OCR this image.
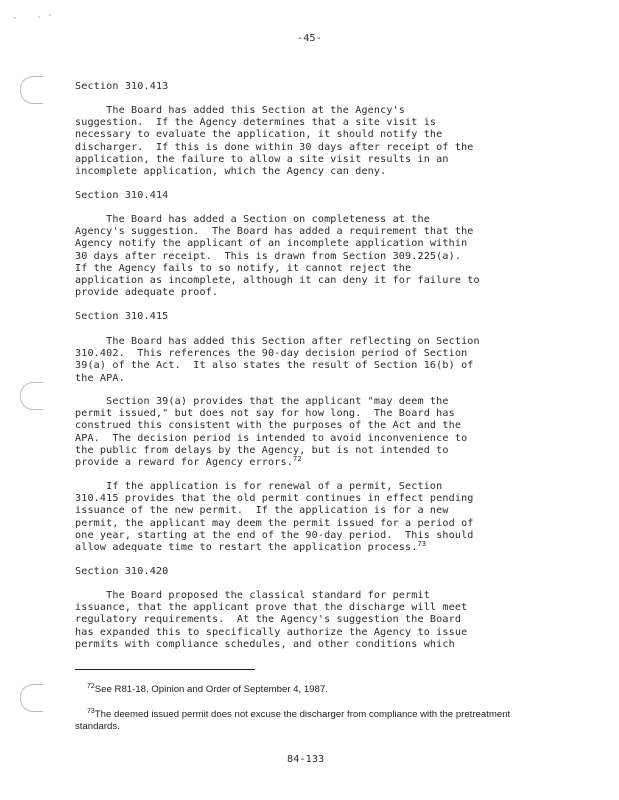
-45-
Section 310.413
The Board has added this Section at the Agency's
suggestion.  If the Agency determines that a site visit is
necessary to evaluate the application, it should notify the
discharger.  If this is done within 30 days after receipt of the
application, the failure to allow a site visit results in an
incomplete application, which the Agency can deny.
Section 310.414
The Board has added a Section on completeness at the
Agency's suggestion.  The Board has added a requirement that the
Agency notify the applicant of an incomplete application within
30 days after receipt.  This is drawn from Section 309.225(a).
If the Agency fails to so notify, it cannot reject the
application as incomplete, although it can deny it for failure to
provide adequate proof.
Section 310.415
The Board has added this Section after reflecting on Section
310.402.  This references the 90-day decision period of Section
39(a) of the Act.  It also states the result of Section 16(b) of
the APA.
Section 39(a) provides that the applicant "may deem the
permit issued," but does not say for how long.  The Board has
construed this consistent with the purposes of the Act and the
APA.  The decision period is intended to avoid inconvenience to
the public from delays by the Agency, but is not intended to
provide a reward for Agency errors.$^{72}$
If the application is for renewal of a permit, Section
310.415 provides that the old permit continues in effect pending
issuance of the new permit.  If the application is for a new
permit, the applicant may deem the permit issued for a period of
one year, starting at the end of the 90-day period.  This should
allow adequate time to restart the application process.$^{73}$
Section 310.420
The Board proposed the classical standard for permit
issuance, that the applicant prove that the discharge will meet
regulatory requirements.  At the Agency's suggestion the Board
has expanded this to specifically authorize the Agency to issue
permits with compliance schedules, and other conditions which
$^{72}$See R81-18, Opinion and Order of September 4, 1987.
$^{73}$The deemed issued permit does not excuse the discharger from compliance with the pretreatment standards.
84-133
